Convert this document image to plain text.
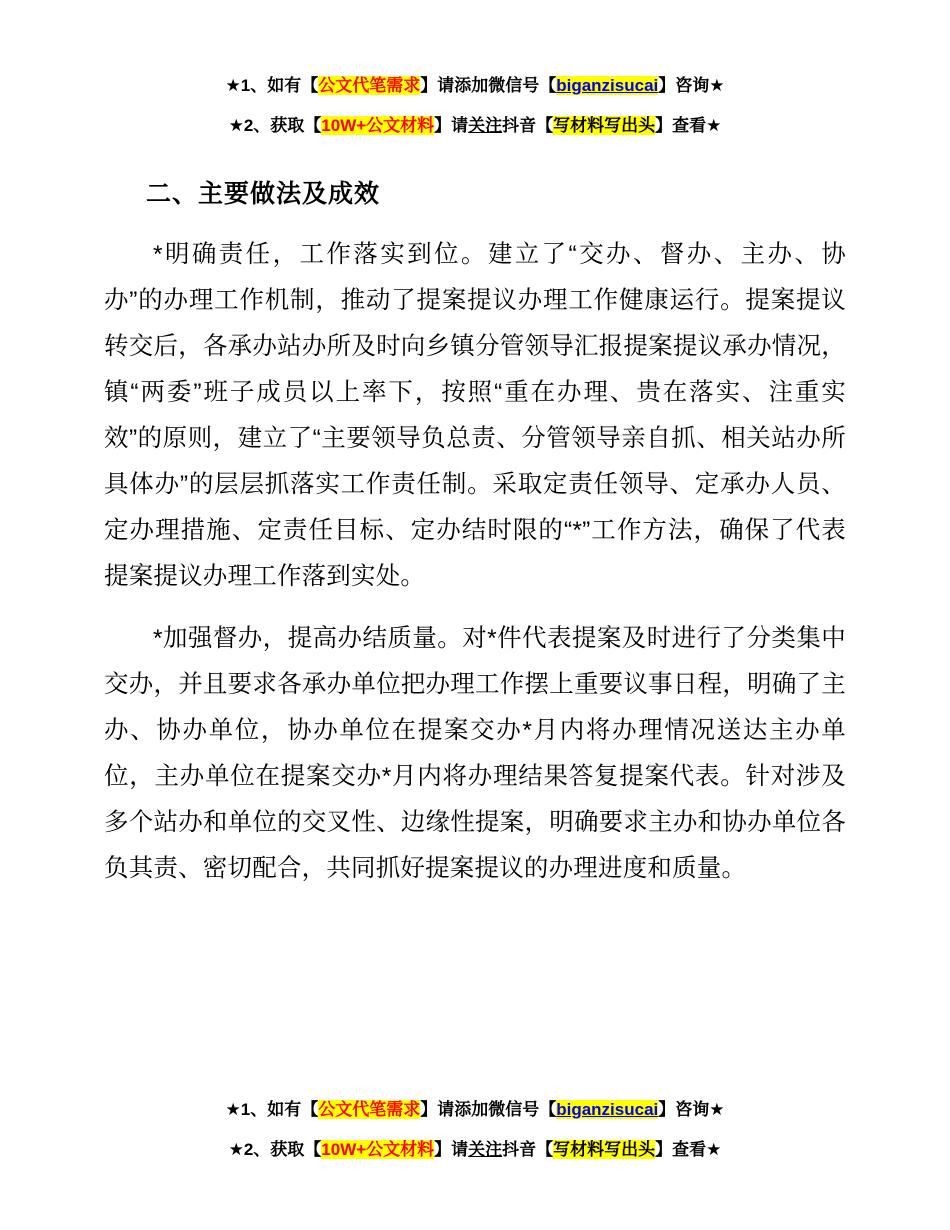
★1、如有【公文代笔需求】请添加微信号【biganzisucai】咨询★
★2、获取【10W+公文材料】请关注抖音【写材料写出头】查看★
二、主要做法及成效

*明确责任，工作落实到位。建立了“交办、督办、主办、协办”的办理工作机制，推动了提案提议办理工作健康运行。提案提议转交后，各承办站办所及时向乡镇分管领导汇报提案提议承办情况，镇“两委”班子成员以上率下，按照“重在办理、贵在落实、注重实效”的原则，建立了“主要领导负总责、分管领导亲自抓、相关站办所具体办”的层层抓落实工作责任制。采取定责任领导、定承办人员、定办理措施、定责任目标、定办结时限的“*”工作方法，确保了代表提案提议办理工作落到实处。

*加强督办，提高办结质量。对*件代表提案及时进行了分类集中交办，并且要求各承办单位把办理工作摆上重要议事日程，明确了主办、协办单位，协办单位在提案交办*月内将办理情况送达主办单位，主办单位在提案交办*月内将办理结果答复提案代表。针对涉及多个站办和单位的交叉性、边缘性提案，明确要求主办和协办单位各负其责、密切配合，共同抓好提案提议的办理进度和质量。

★1、如有【公文代笔需求】请添加微信号【biganzisucai】咨询★
★2、获取【10W+公文材料】请关注抖音【写材料写出头】查看★
